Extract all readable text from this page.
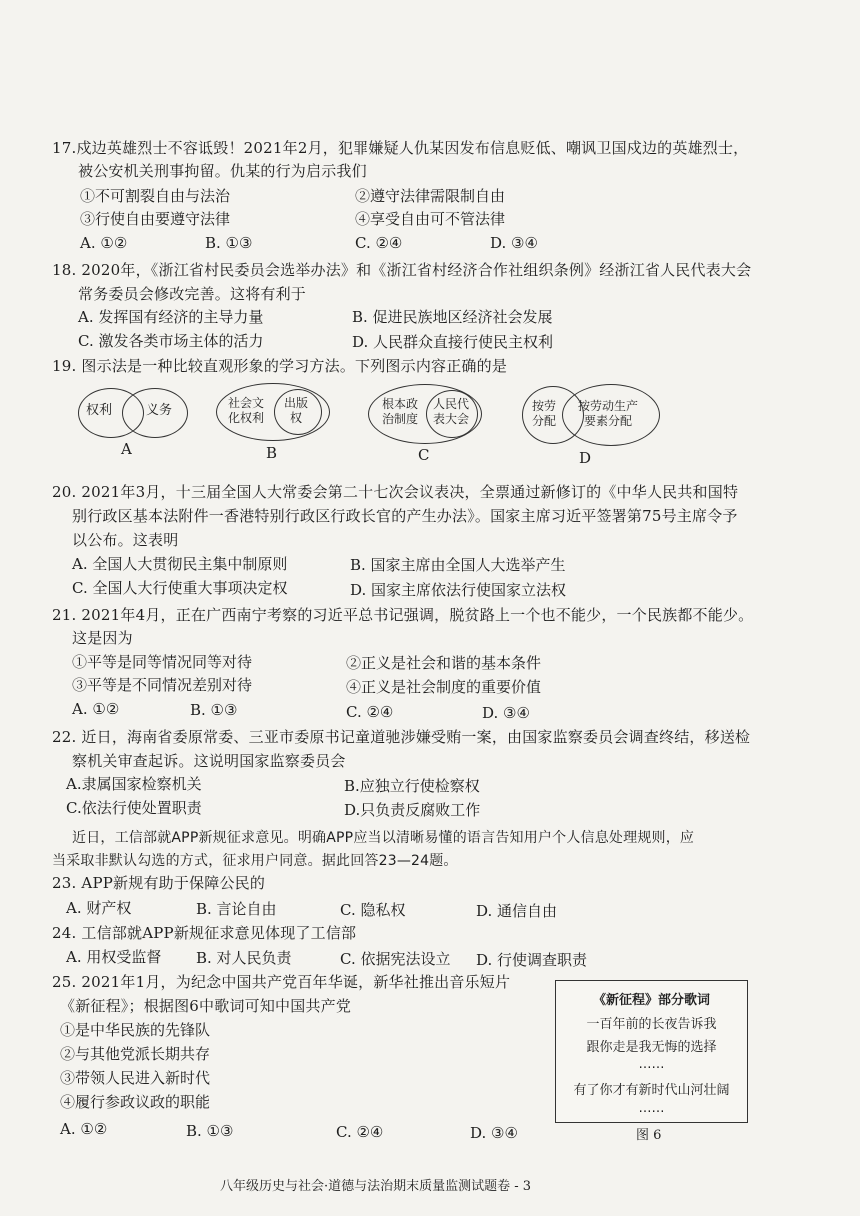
17.戍边英雄烈士不容诋毁！2021年2月，犯罪嫌疑人仇某因发布信息贬低、嘲讽卫国戍边的英雄烈士，
被公安机关刑事拘留。仇某的行为启示我们
①不可割裂自由与法治	②遵守法律需限制自由
③行使自由要遵守法律	④享受自由可不管法律
A. ①②	B. ①③	C. ②④	D. ③④
18. 2020年，《浙江省村民委员会选举办法》和《浙江省村经济合作社组织条例》经浙江省人民代表大会
常务委员会修改完善。这将有利于
A. 发挥国有经济的主导力量	B. 促进民族地区经济社会发展
C. 激发各类市场主体的活力	D. 人民群众直接行使民主权利
19. 图示法是一种比较直观形象的学习方法。下列图示内容正确的是
权利	义务
A
社会文
化权利
出版
权
B
根本政
治制度
人民代
表大会
C
按劳
分配
按劳动生产
要素分配
D
20. 2021年3月，十三届全国人大常委会第二十七次会议表决，全票通过新修订的《中华人民共和国特
别行政区基本法附件一香港特别行政区行政长官的产生办法》。国家主席习近平签署第75号主席令予
以公布。这表明
A. 全国人大贯彻民主集中制原则	B. 国家主席由全国人大选举产生
C. 全国人大行使重大事项决定权	D. 国家主席依法行使国家立法权
21. 2021年4月，正在广西南宁考察的习近平总书记强调，脱贫路上一个也不能少，一个民族都不能少。
这是因为
①平等是同等情况同等对待	②正义是社会和谐的基本条件
③平等是不同情况差别对待	④正义是社会制度的重要价值
A. ①②	B. ①③	C. ②④	D. ③④
22. 近日，海南省委原常委、三亚市委原书记童道驰涉嫌受贿一案，由国家监察委员会调查终结，移送检
察机关审查起诉。这说明国家监察委员会
A.隶属国家检察机关	B.应独立行使检察权
C.依法行使处置职责	D.只负责反腐败工作
近日，工信部就APP新规征求意见。明确APP应当以清晰易懂的语言告知用户个人信息处理规则，应
当采取非默认勾选的方式，征求用户同意。据此回答23—24题。
23. APP新规有助于保障公民的
A. 财产权	B. 言论自由	C. 隐私权	D. 通信自由
24. 工信部就APP新规征求意见体现了工信部
A. 用权受监督 B. 对人民负责	C. 依据宪法设立 D. 行使调查职责
25. 2021年1月，为纪念中国共产党百年华诞，新华社推出音乐短片
《新征程》；根据图6中歌词可知中国共产党
①是中华民族的先锋队
②与其他党派长期共存
③带领人民进入新时代
④履行参政议政的职能
A. ①②	B. ①③	C. ②④	D. ③④
《新征程》部分歌词
一百年前的长夜告诉我
跟你走是我无悔的选择
……
有了你才有新时代山河壮阔
……
图 6
八年级历史与社会·道德与法治期末质量监测试题卷 - 3
